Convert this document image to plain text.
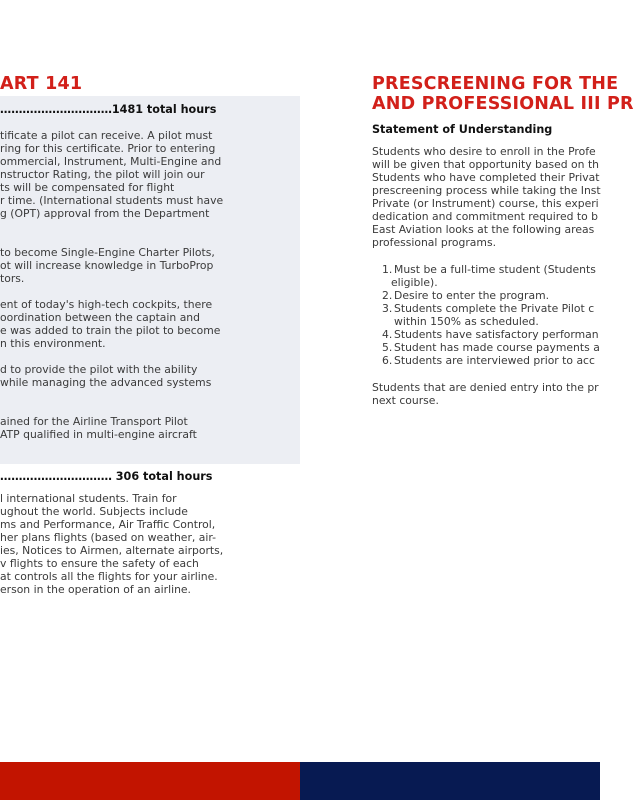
ART 141
…………………………1481 total hours
tificate a pilot can receive. A pilot must
ring for this certificate. Prior to entering
ommercial, Instrument, Multi-Engine and
nstructor Rating, the pilot will join our
ts will be compensated for flight
r time. (International students must have
g (OPT) approval from the Department
to become Single-Engine Charter Pilots,
ot will increase knowledge in TurboProp
tors.
ent of today's high-tech cockpits, there
oordination between the captain and
e was added to train the pilot to become
n this environment.
d to provide the pilot with the ability
while managing the advanced systems
ained for the Airline Transport Pilot
ATP qualified in multi-engine aircraft
………………………… 306 total hours
l international students. Train for
ughout the world. Subjects include
ms and Performance, Air Traffic Control,
her plans flights (based on weather, air-
ies, Notices to Airmen, alternate airports,
v flights to ensure the safety of each
at controls all the flights for your airline.
erson in the operation of an airline.
PRESCREENING FOR THE
AND PROFESSIONAL III PR
Statement of Understanding
Students who desire to enroll in the Profe
will be given that opportunity based on th
Students who have completed their Privat
prescreening process while taking the Inst
Private (or Instrument) course, this experi
dedication and commitment required to b
East Aviation looks at the following areas
professional programs.
1. Must be a full-time student (Students
eligible).
2. Desire to enter the program.
3. Students complete the Private Pilot c
within 150% as scheduled.
4. Students have satisfactory performan
5. Student has made course payments a
6. Students are interviewed prior to acc
Students that are denied entry into the pr
next course.
